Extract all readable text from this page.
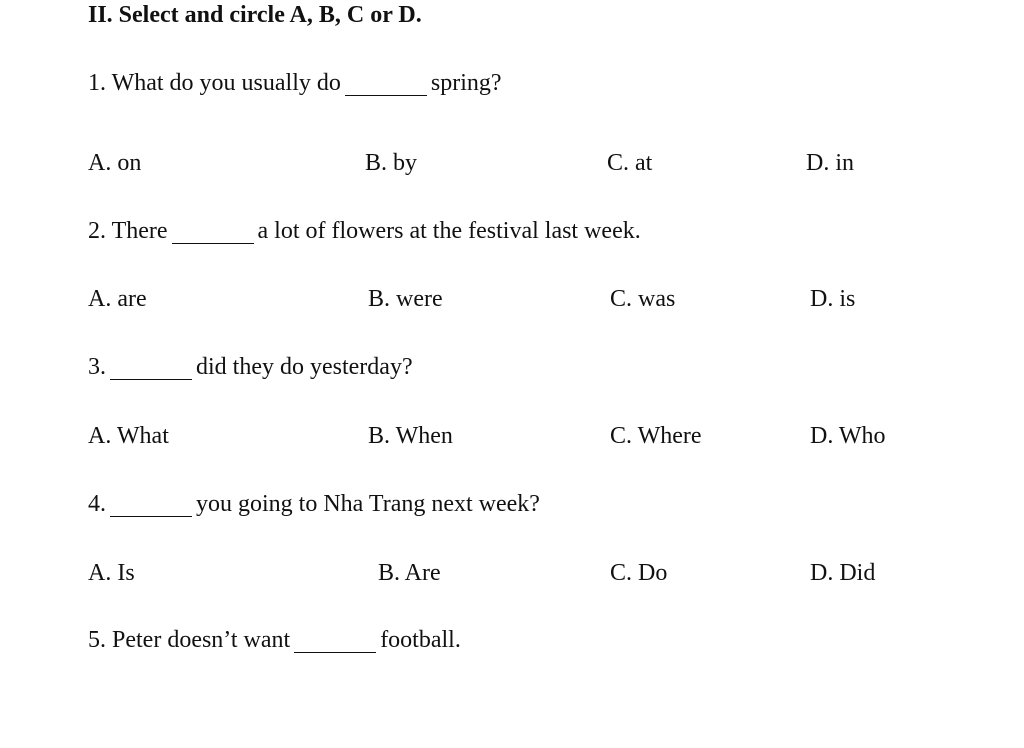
II. Select and circle A, B, C or D.
1. What do you usually do	spring?
A. on	B. by	C. at	D. in
2. There	a lot of flowers at the festival last week.
A. are	B. were	C. was	D. is
3.	did they do yesterday?
A. What	B. When	C. Where	D. Who
4.	you going to Nha Trang next week?
A. Is	B. Are	C. Do	D. Did
5. Peter doesn’t want	football.
